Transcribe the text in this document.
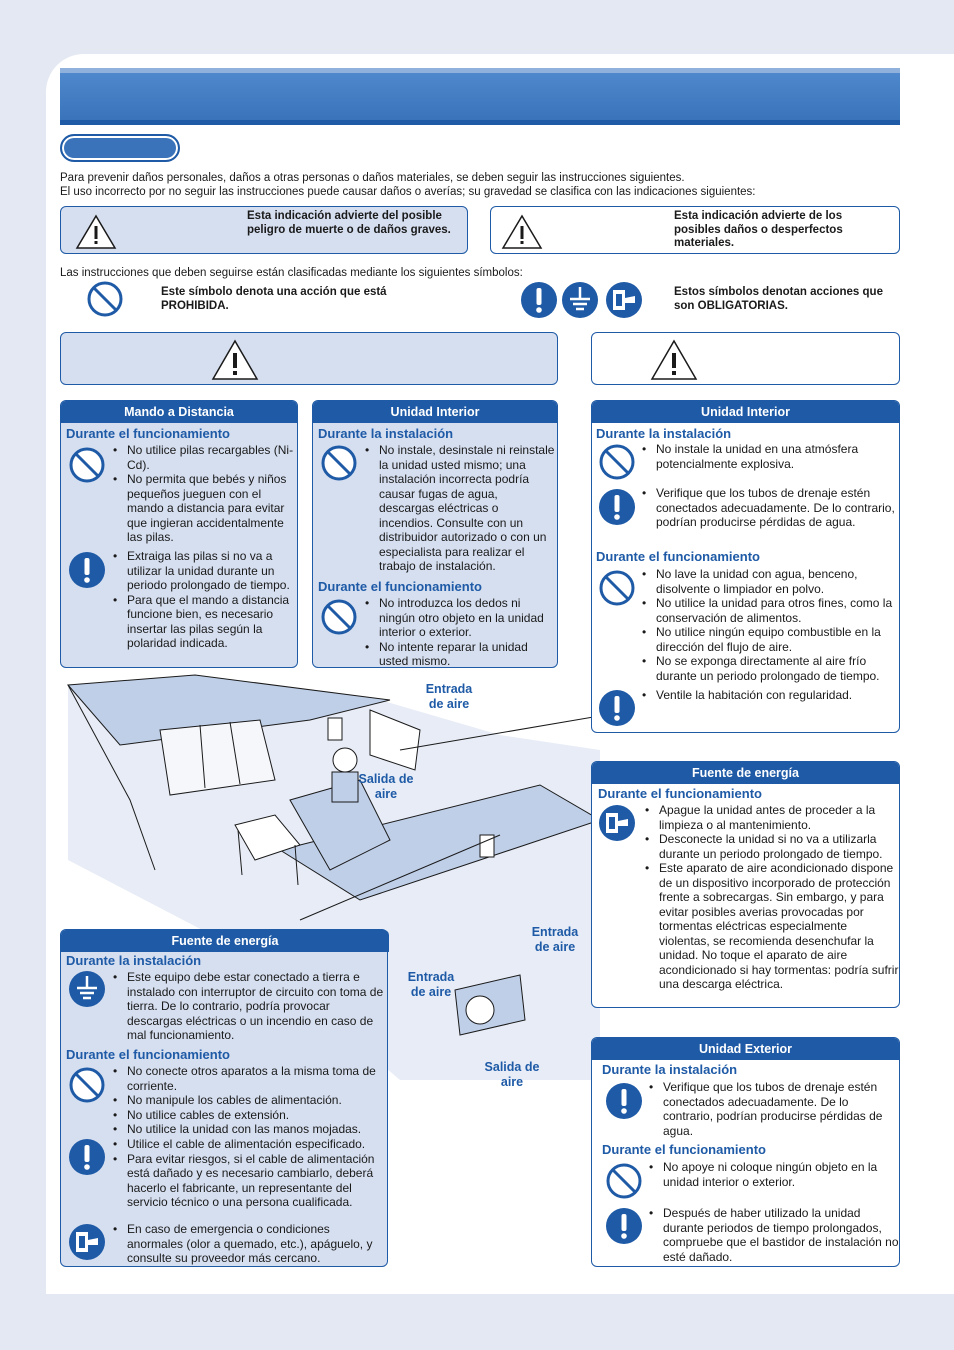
Para prevenir daños personales, daños a otras personas o daños materiales, se deben seguir las instrucciones siguientes.
El uso incorrecto por no seguir las instrucciones puede causar daños o averías; su gravedad se clasifica con las indicaciones siguientes:
Esta indicación advierte del posible peligro de muerte o de daños graves.
Esta indicación advierte de los posibles daños o desperfectos materiales.
Las instrucciones que deben seguirse están clasificadas mediante los siguientes símbolos:
Este símbolo denota una acción que está PROHIBIDA.
Estos símbolos denotan acciones que son OBLIGATORIAS.
Entrada de aire
Salida de aire
Entrada de aire
Entrada de aire
Salida de aire
Mando a Distancia
Durante el funcionamiento
• No utilice pilas recargables (Ni-Cd).
• No permita que bebés y niños pequeños jueguen con el mando a distancia para evitar que ingieran accidentalmente las pilas.
• Extraiga las pilas si no va a utilizar la unidad durante un periodo prolongado de tiempo.
• Para que el mando a distancia funcione bien, es necesario insertar las pilas según la polaridad indicada.
Unidad Interior
Durante la instalación
• No instale, desinstale ni reinstale la unidad usted mismo; una instalación incorrecta podría causar fugas de agua, descargas eléctricas o incendios. Consulte con un distribuidor autorizado o con un especialista para realizar el trabajo de instalación.
Durante el funcionamiento
• No introduzca los dedos ni ningún otro objeto en la unidad interior o exterior.
• No intente reparar la unidad usted mismo.
Unidad Interior
Durante la instalación
• No instale la unidad en una atmósfera potencialmente explosiva.
• Verifique que los tubos de drenaje estén conectados adecuadamente. De lo contrario, podrían producirse pérdidas de agua.
Durante el funcionamiento
• No lave la unidad con agua, benceno, disolvente o limpiador en polvo.
• No utilice la unidad para otros fines, como la conservación de alimentos.
• No utilice ningún equipo combustible en la dirección del flujo de aire.
• No se exponga directamente al aire frío durante un periodo prolongado de tiempo.
• Ventile la habitación con regularidad.
Fuente de energía
Durante el funcionamiento
• Apague la unidad antes de proceder a la limpieza o al mantenimiento.
• Desconecte la unidad si no va a utilizarla durante un periodo prolongado de tiempo.
• Este aparato de aire acondicionado dispone de un dispositivo incorporado de protección frente a sobrecargas. Sin embargo, y para evitar posibles averias provocadas por tormentas eléctricas especialmente violentas, se recomienda desenchufar la unidad. No toque el aparato de aire acondicionado si hay tormentas: podría sufrir una descarga eléctrica.
Fuente de energía
Durante la instalación
• Este equipo debe estar conectado a tierra e instalado con interruptor de circuito con toma de tierra. De lo contrario, podría provocar descargas eléctricas o un incendio en caso de mal funcionamiento.
Durante el funcionamiento
• No conecte otros aparatos a la misma toma de corriente.
• No manipule los cables de alimentación.
• No utilice cables de extensión.
• No utilice la unidad con las manos mojadas.
• Utilice el cable de alimentación especificado.
• Para evitar riesgos, si el cable de alimentación está dañado y es necesario cambiarlo, deberá hacerlo el fabricante, un representante del servicio técnico o una persona cualificada.
• En caso de emergencia o condiciones anormales (olor a quemado, etc.), apáguelo, y consulte su proveedor más cercano.
Unidad Exterior
Durante la instalación
• Verifique que los tubos de drenaje estén conectados adecuadamente. De lo contrario, podrían producirse pérdidas de agua.
Durante el funcionamiento
• No apoye ni coloque ningún objeto en la unidad interior o exterior.
• Después de haber utilizado la unidad durante periodos de tiempo prolongados, compruebe que el bastidor de instalación no esté dañado.
